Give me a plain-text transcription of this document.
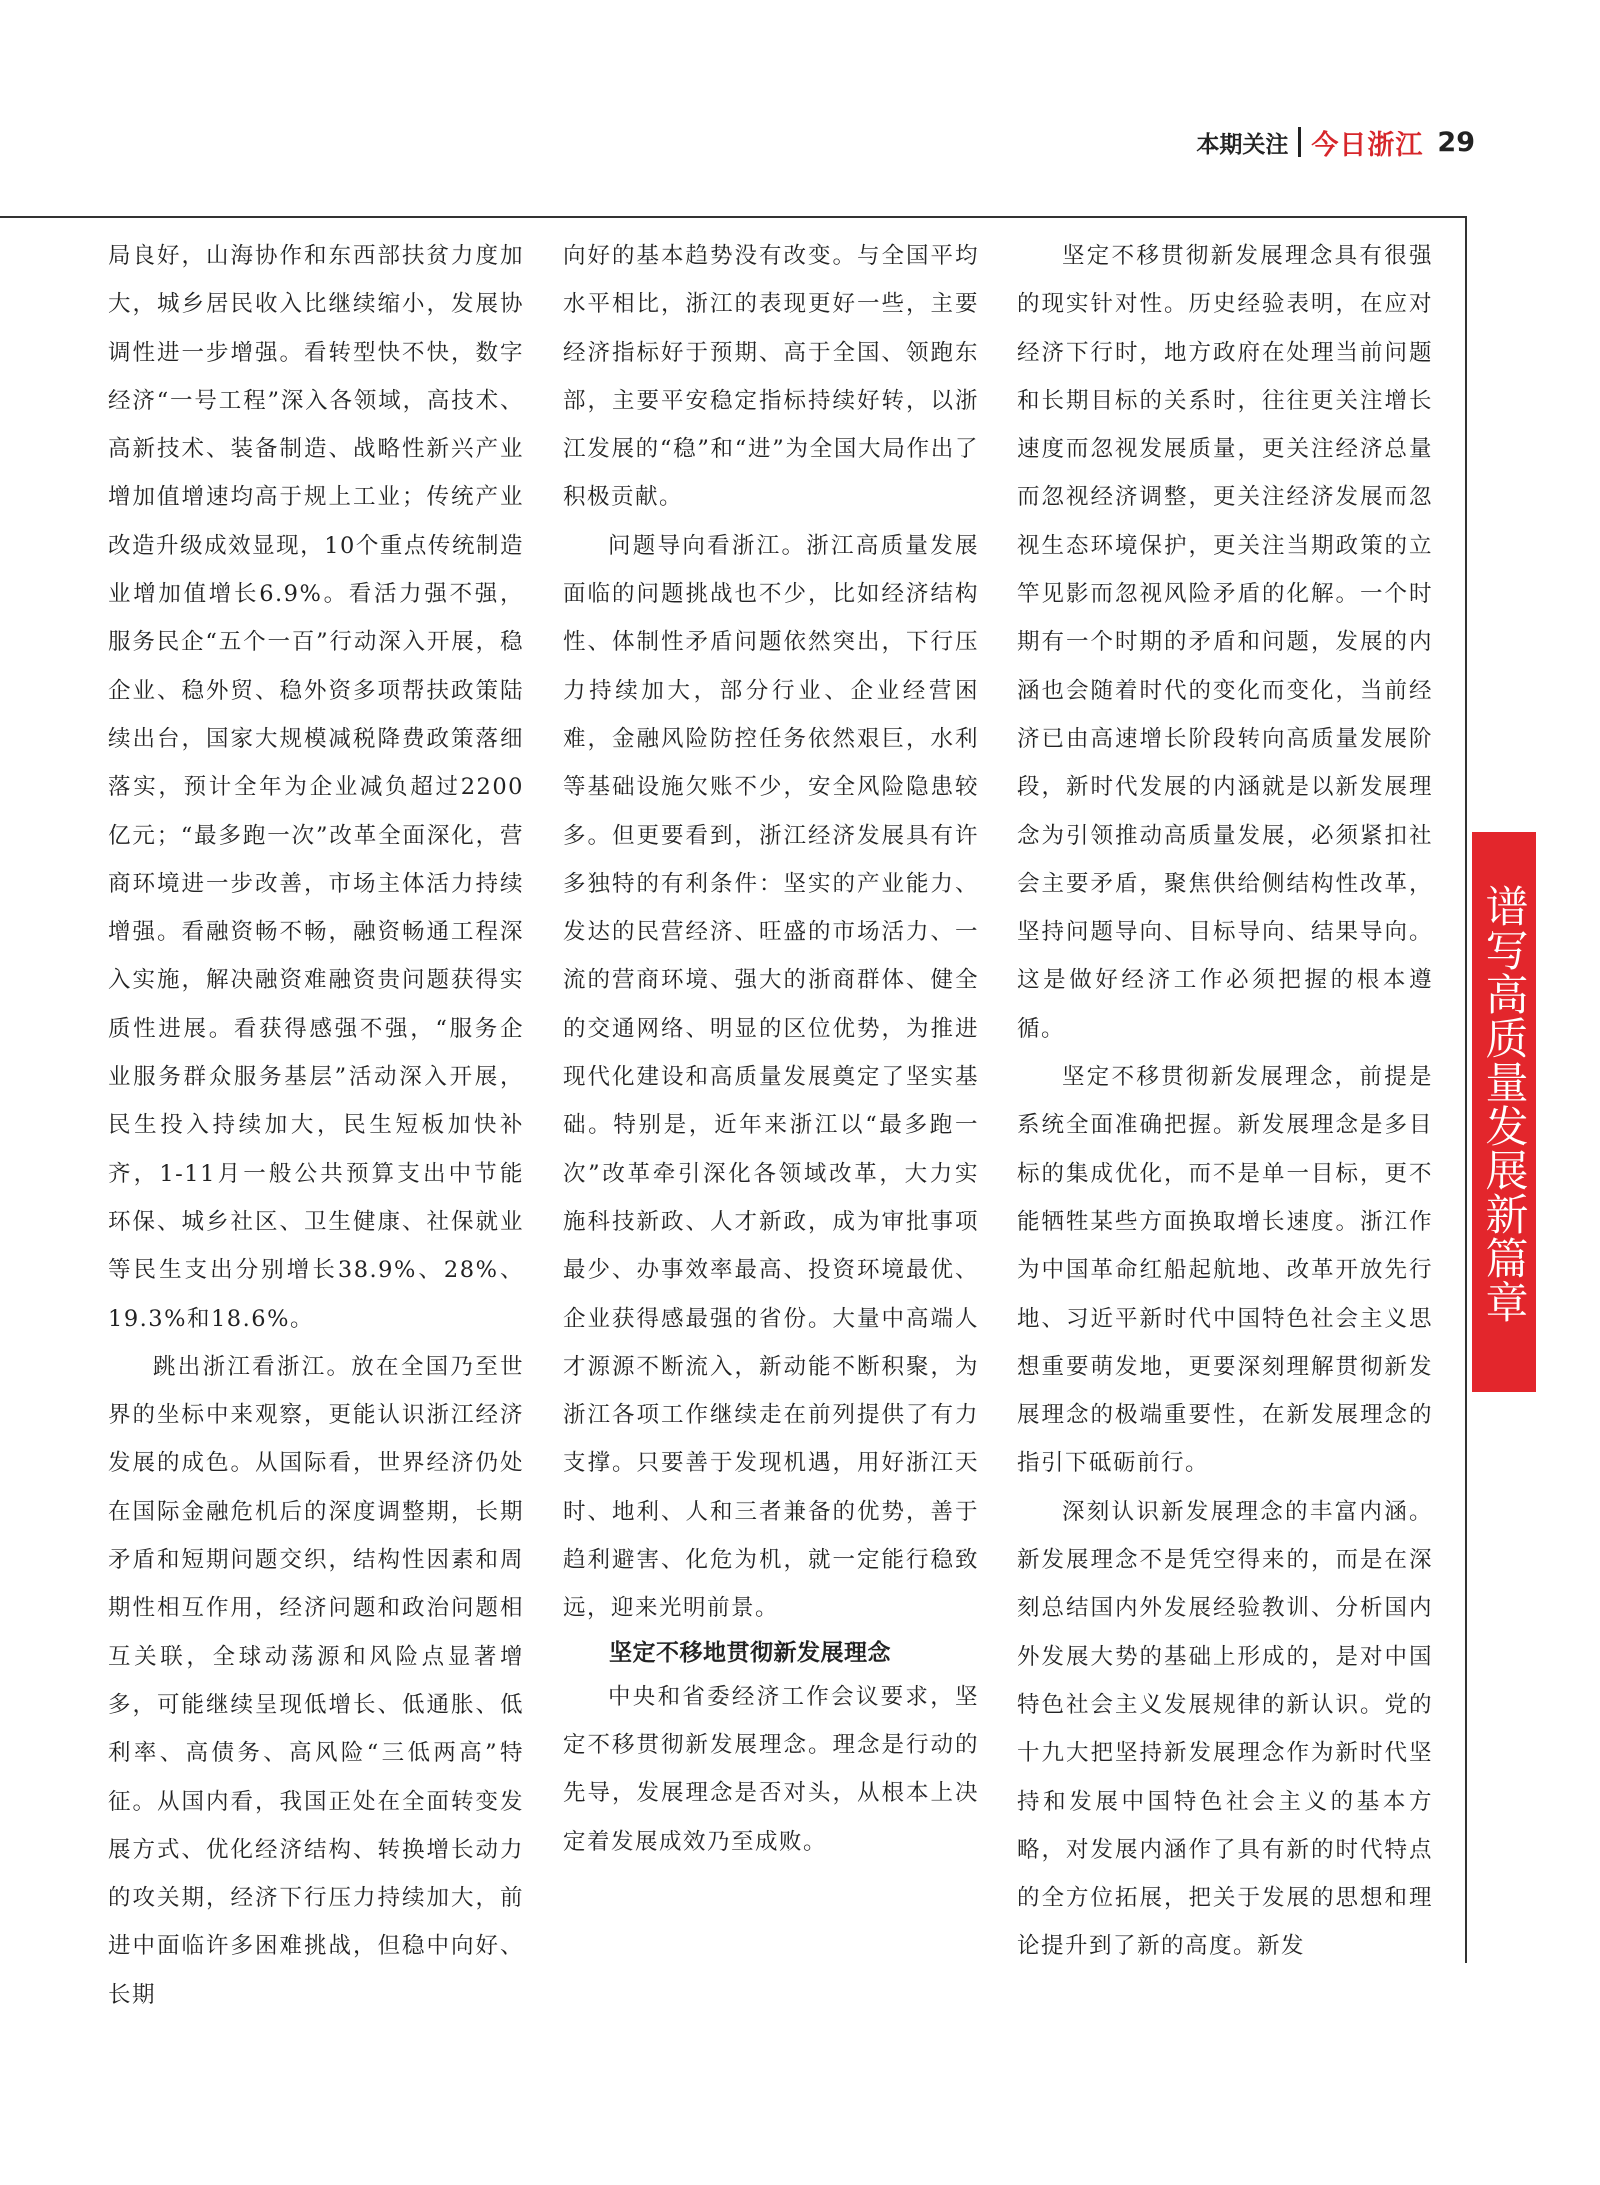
本期关注 今日浙江 29

局良好，山海协作和东西部扶贫力度加大，城乡居民收入比继续缩小，发展协调性进一步增强。看转型快不快，数字经济“一号工程”深入各领域，高技术、高新技术、装备制造、战略性新兴产业增加值增速均高于规上工业；传统产业改造升级成效显现，10个重点传统制造业增加值增长6.9%。看活力强不强，服务民企“五个一百”行动深入开展，稳企业、稳外贸、稳外资多项帮扶政策陆续出台，国家大规模减税降费政策落细落实，预计全年为企业减负超过2200亿元；“最多跑一次”改革全面深化，营商环境进一步改善，市场主体活力持续增强。看融资畅不畅，融资畅通工程深入实施，解决融资难融资贵问题获得实质性进展。看获得感强不强，“服务企业服务群众服务基层”活动深入开展，民生投入持续加大，民生短板加快补齐，1-11月一般公共预算支出中节能环保、城乡社区、卫生健康、社保就业等民生支出分别增长38.9%、28%、19.3%和18.6%。

跳出浙江看浙江。放在全国乃至世界的坐标中来观察，更能认识浙江经济发展的成色。从国际看，世界经济仍处在国际金融危机后的深度调整期，长期矛盾和短期问题交织，结构性因素和周期性相互作用，经济问题和政治问题相互关联，全球动荡源和风险点显著增多，可能继续呈现低增长、低通胀、低利率、高债务、高风险“三低两高”特征。从国内看，我国正处在全面转变发展方式、优化经济结构、转换增长动力的攻关期，经济下行压力持续加大，前进中面临许多困难挑战，但稳中向好、长期

向好的基本趋势没有改变。与全国平均水平相比，浙江的表现更好一些，主要经济指标好于预期、高于全国、领跑东部，主要平安稳定指标持续好转，以浙江发展的“稳”和“进”为全国大局作出了积极贡献。

问题导向看浙江。浙江高质量发展面临的问题挑战也不少，比如经济结构性、体制性矛盾问题依然突出，下行压力持续加大，部分行业、企业经营困难，金融风险防控任务依然艰巨，水利等基础设施欠账不少，安全风险隐患较多。但更要看到，浙江经济发展具有许多独特的有利条件：坚实的产业能力、发达的民营经济、旺盛的市场活力、一流的营商环境、强大的浙商群体、健全的交通网络、明显的区位优势，为推进现代化建设和高质量发展奠定了坚实基础。特别是，近年来浙江以“最多跑一次”改革牵引深化各领域改革，大力实施科技新政、人才新政，成为审批事项最少、办事效率最高、投资环境最优、企业获得感最强的省份。大量中高端人才源源不断流入，新动能不断积聚，为浙江各项工作继续走在前列提供了有力支撑。只要善于发现机遇，用好浙江天时、地利、人和三者兼备的优势，善于趋利避害、化危为机，就一定能行稳致远，迎来光明前景。

坚定不移地贯彻新发展理念

中央和省委经济工作会议要求，坚定不移贯彻新发展理念。理念是行动的先导，发展理念是否对头，从根本上决定着发展成效乃至成败。

坚定不移贯彻新发展理念具有很强的现实针对性。历史经验表明，在应对经济下行时，地方政府在处理当前问题和长期目标的关系时，往往更关注增长速度而忽视发展质量，更关注经济总量而忽视经济调整，更关注经济发展而忽视生态环境保护，更关注当期政策的立竿见影而忽视风险矛盾的化解。一个时期有一个时期的矛盾和问题，发展的内涵也会随着时代的变化而变化，当前经济已由高速增长阶段转向高质量发展阶段，新时代发展的内涵就是以新发展理念为引领推动高质量发展，必须紧扣社会主要矛盾，聚焦供给侧结构性改革，坚持问题导向、目标导向、结果导向。这是做好经济工作必须把握的根本遵循。

坚定不移贯彻新发展理念，前提是系统全面准确把握。新发展理念是多目标的集成优化，而不是单一目标，更不能牺牲某些方面换取增长速度。浙江作为中国革命红船起航地、改革开放先行地、习近平新时代中国特色社会主义思想重要萌发地，更要深刻理解贯彻新发展理念的极端重要性，在新发展理念的指引下砥砺前行。

深刻认识新发展理念的丰富内涵。新发展理念不是凭空得来的，而是在深刻总结国内外发展经验教训、分析国内外发展大势的基础上形成的，是对中国特色社会主义发展规律的新认识。党的十九大把坚持新发展理念作为新时代坚持和发展中国特色社会主义的基本方略，对发展内涵作了具有新的时代特点的全方位拓展，把关于发展的思想和理论提升到了新的高度。新发

谱写高质量发展新篇章
